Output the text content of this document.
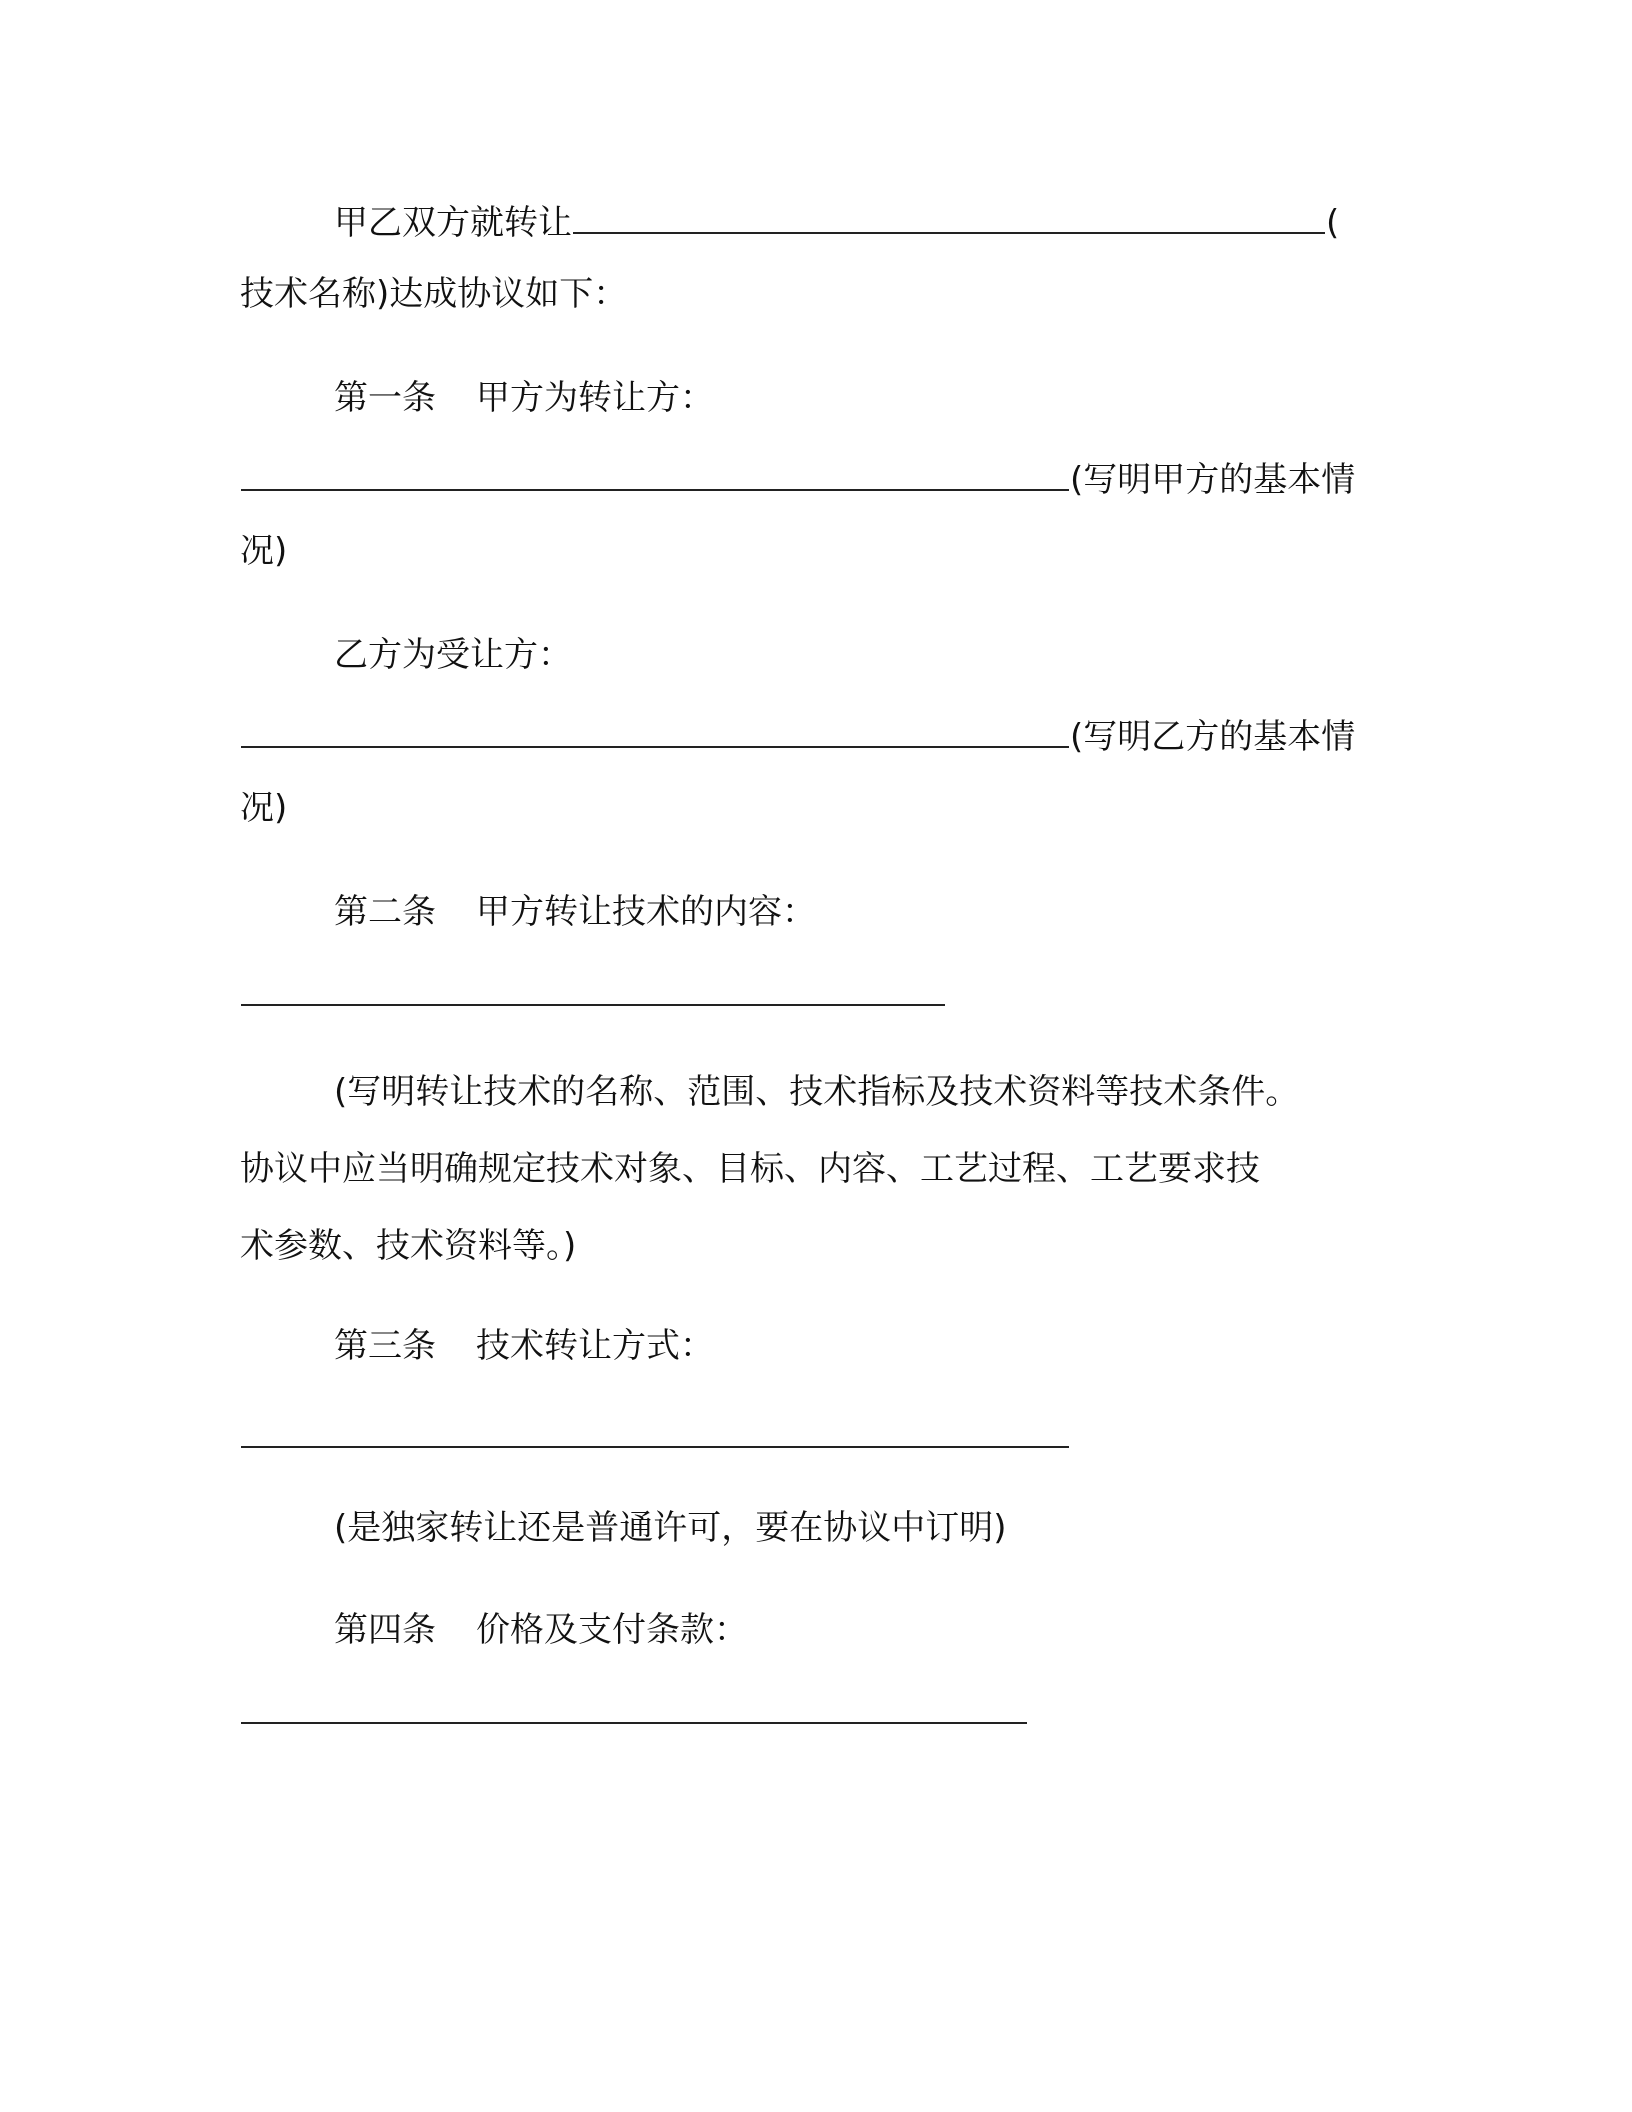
甲乙双方就转让	(
技术名称)达成协议如下：
第一条 甲方为转让方：
(写明甲方的基本情
况)
乙方为受让方：
(写明乙方的基本情
况)
第二条 甲方转让技术的内容：
(写明转让技术的名称、范围、技术指标及技术资料等技术条件。
协议中应当明确规定技术对象、目标、内容、工艺过程、工艺要求技
术参数、技术资料等。)
第三条 技术转让方式：
(是独家转让还是普通许可，要在协议中订明)
第四条 价格及支付条款：
